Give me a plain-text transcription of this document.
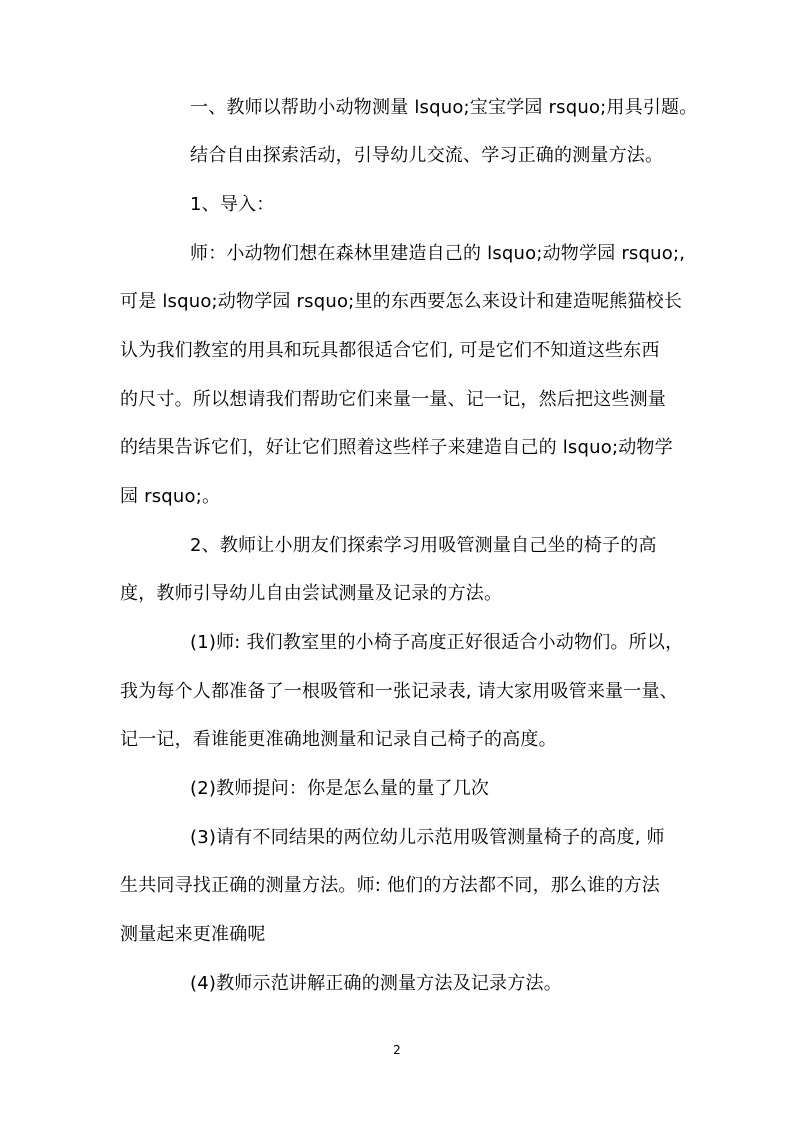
一、教师以帮助小动物测量 lsquo;宝宝学园 rsquo;用具引题。
结合自由探索活动，引导幼儿交流、学习正确的测量方法。
1、导入：
师：小动物们想在森林里建造自己的 lsquo;动物学园 rsquo;,
可是 lsquo;动物学园 rsquo;里的东西要怎么来设计和建造呢熊猫校长
认为我们教室的用具和玩具都很适合它们, 可是它们不知道这些东西
的尺寸。所以想请我们帮助它们来量一量、记一记，然后把这些测量
的结果告诉它们，好让它们照着这些样子来建造自己的 lsquo;动物学
园 rsquo;。
2、教师让小朋友们探索学习用吸管测量自己坐的椅子的高
度，教师引导幼儿自由尝试测量及记录的方法。
(1)师: 我们教室里的小椅子高度正好很适合小动物们。所以，
我为每个人都准备了一根吸管和一张记录表, 请大家用吸管来量一量、
记一记，看谁能更准确地测量和记录自己椅子的高度。
(2)教师提问：你是怎么量的量了几次
(3)请有不同结果的两位幼儿示范用吸管测量椅子的高度, 师
生共同寻找正确的测量方法。师: 他们的方法都不同，那么谁的方法
测量起来更准确呢
(4)教师示范讲解正确的测量方法及记录方法。
2
